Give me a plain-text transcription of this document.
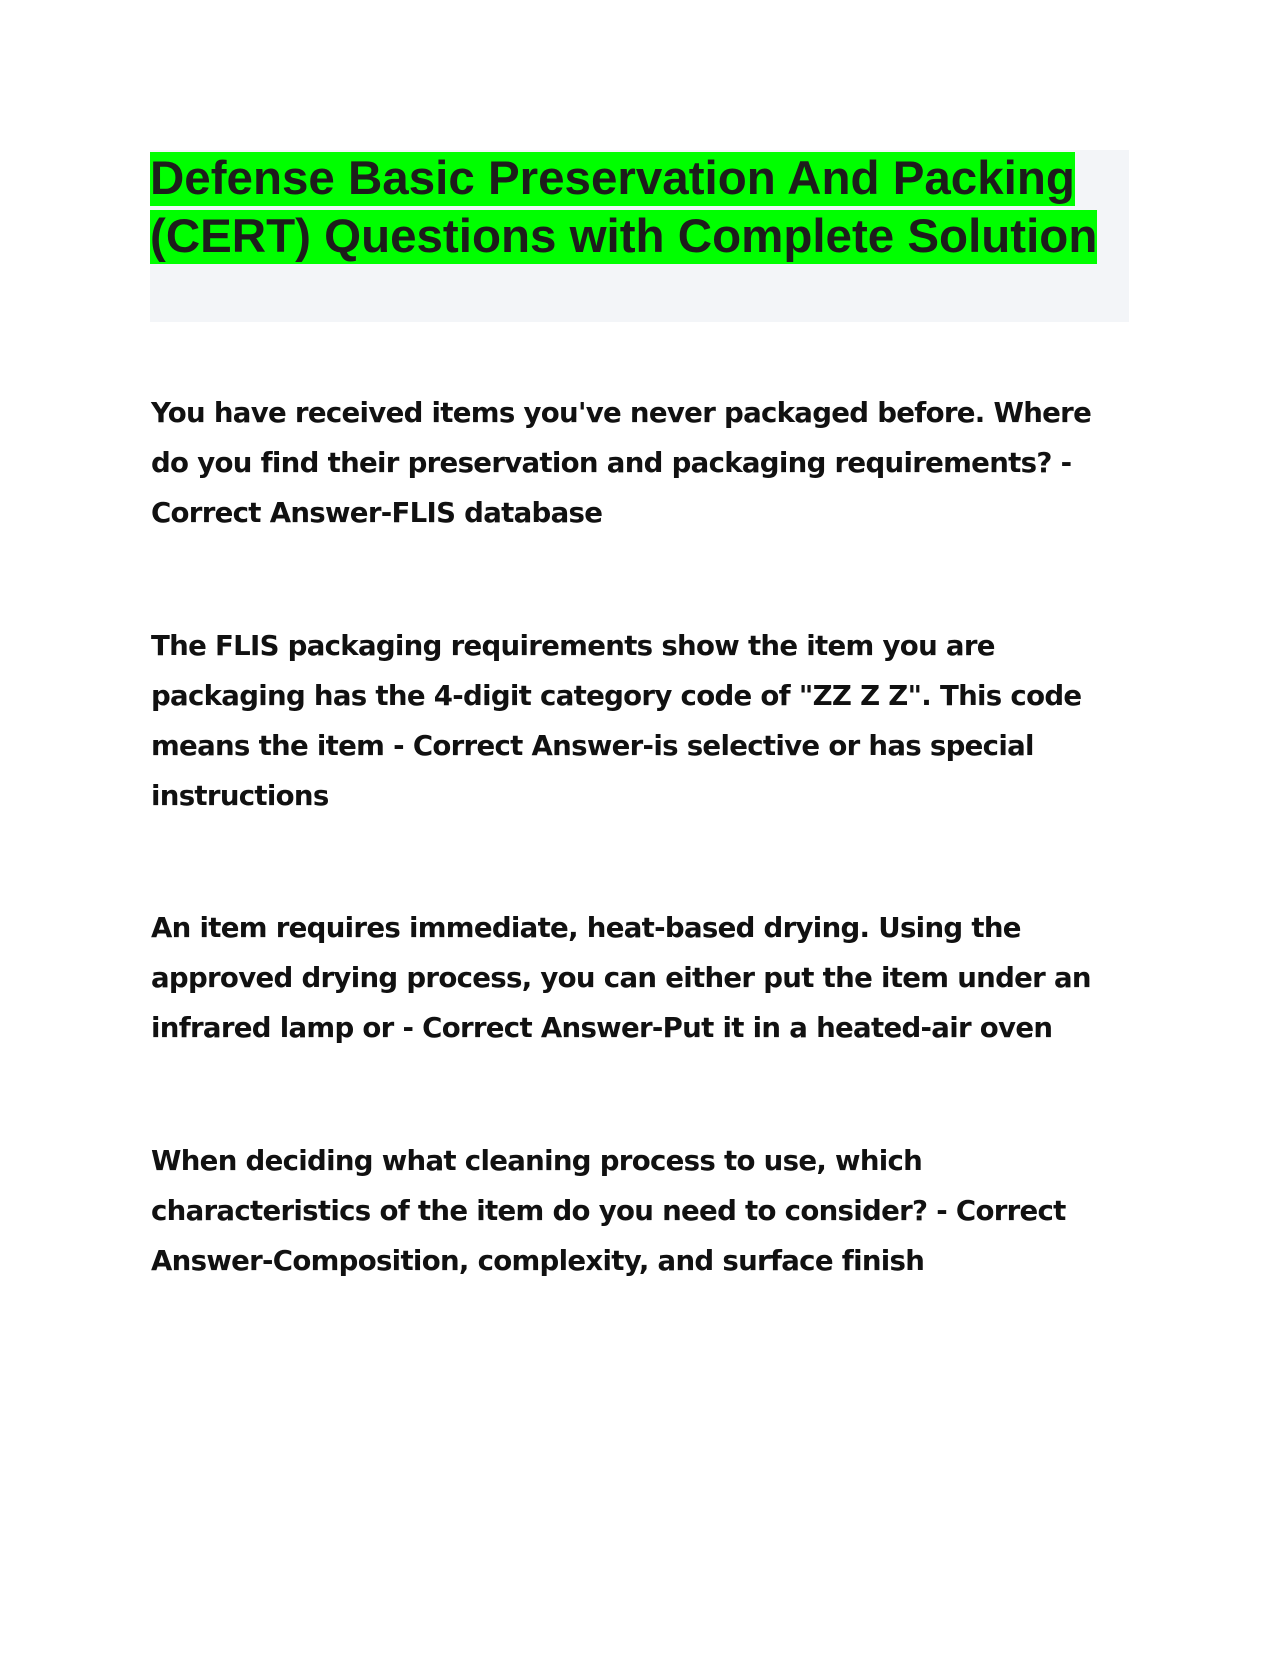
Defense Basic Preservation And Packing (CERT) Questions with Complete Solution

You have received items you've never packaged before. Where do you find their preservation and packaging requirements? - Correct Answer-FLIS database

The FLIS packaging requirements show the item you are packaging has the 4-digit category code of "ZZ Z Z". This code means the item - Correct Answer-is selective or has special instructions

An item requires immediate, heat-based drying. Using the approved drying process, you can either put the item under an infrared lamp or - Correct Answer-Put it in a heated-air oven

When deciding what cleaning process to use, which characteristics of the item do you need to consider? - Correct Answer-Composition, complexity, and surface finish
